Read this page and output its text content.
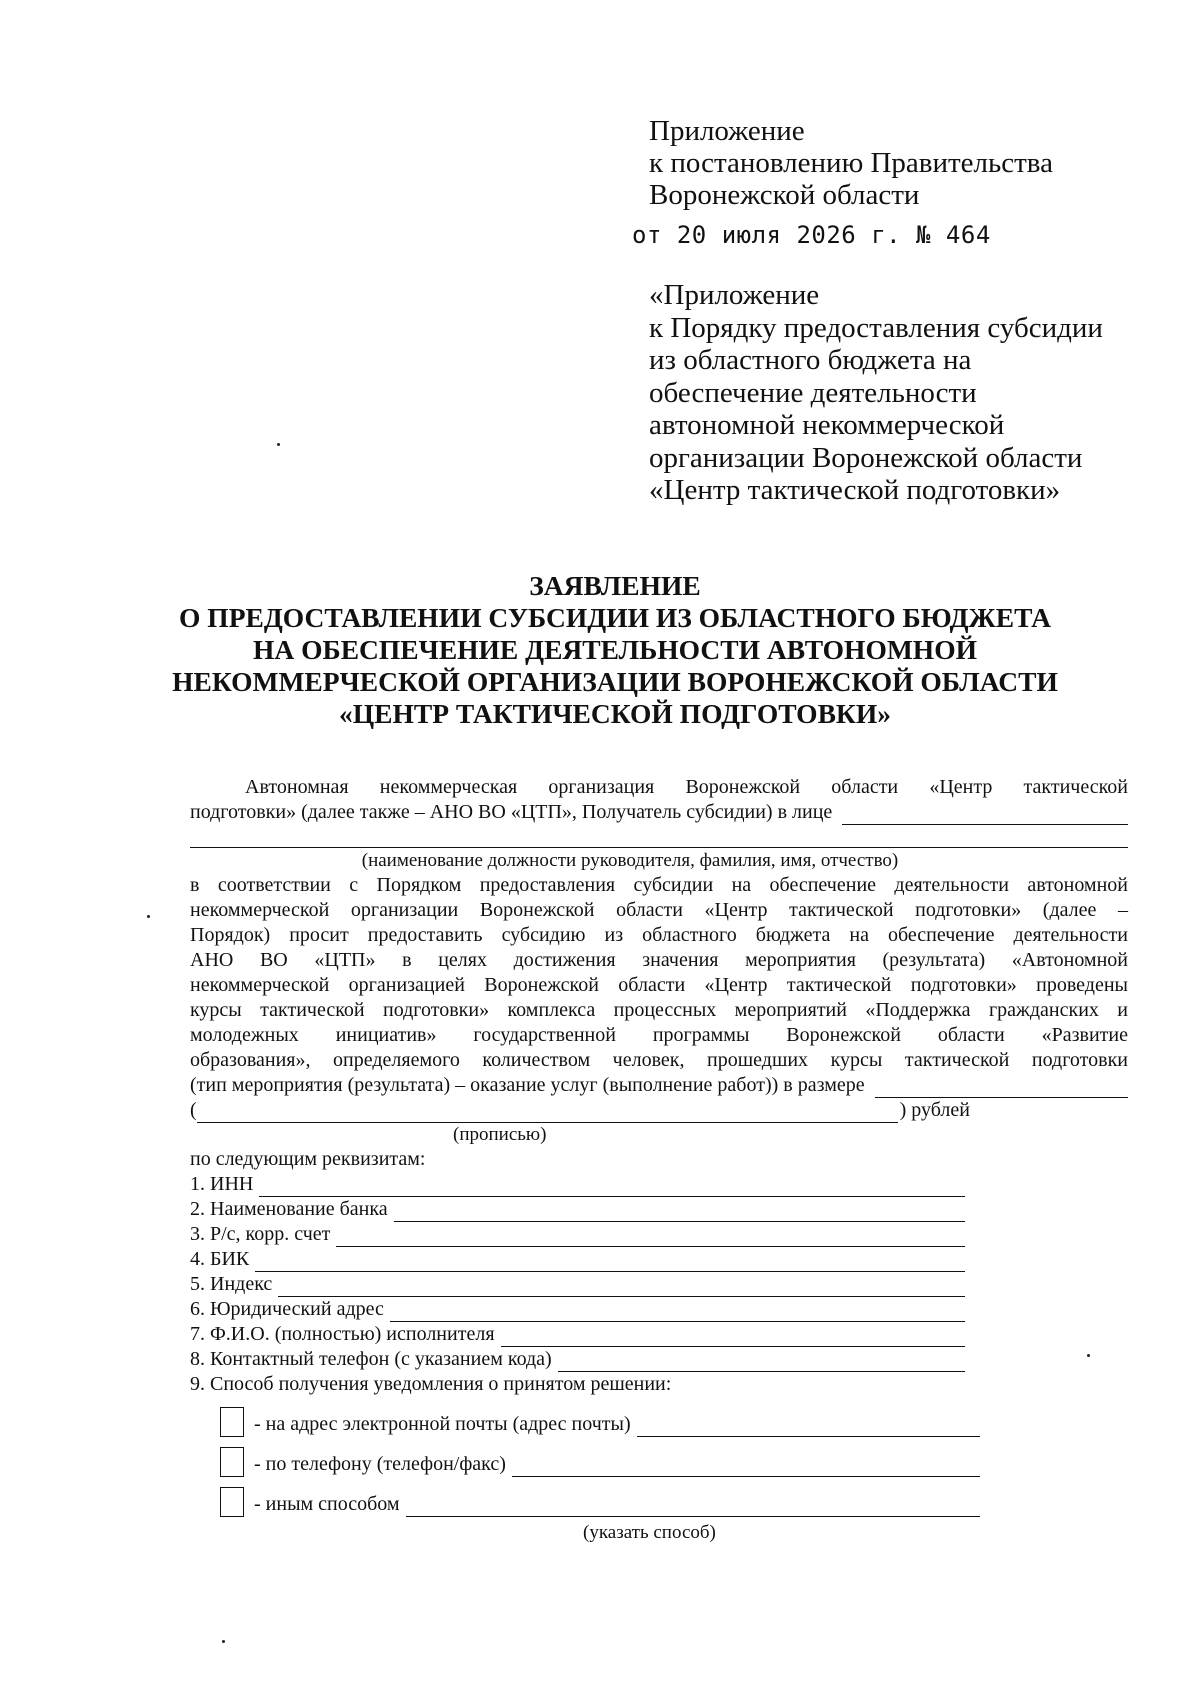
Приложение
к постановлению Правительства
Воронежской области
от 20 июля 2026 г. № 464
«Приложение
к Порядку предоставления субсидии
из областного бюджета на
обеспечение деятельности
автономной некоммерческой
организации Воронежской области
«Центр тактической подготовки»
ЗАЯВЛЕНИЕ
О ПРЕДОСТАВЛЕНИИ СУБСИДИИ ИЗ ОБЛАСТНОГО БЮДЖЕТА
НА ОБЕСПЕЧЕНИЕ ДЕЯТЕЛЬНОСТИ АВТОНОМНОЙ
НЕКОММЕРЧЕСКОЙ ОРГАНИЗАЦИИ ВОРОНЕЖСКОЙ ОБЛАСТИ
«ЦЕНТР ТАКТИЧЕСКОЙ ПОДГОТОВКИ»

Автономная некоммерческая организация Воронежской области «Центр тактической

подготовки» (далее также – АНО ВО «ЦТП», Получатель субсидии) в лице
(наименование должности руководителя, фамилия, имя, отчество)
в соответствии с Порядком предоставления субсидии на обеспечение деятельности автономной
некоммерческой организации Воронежской области «Центр тактической подготовки» (далее –
Порядок) просит предоставить субсидию из областного бюджета на обеспечение деятельности
АНО ВО «ЦТП» в целях достижения значения мероприятия (результата) «Автономной
некоммерческой организацией Воронежской области «Центр тактической подготовки» проведены
курсы тактической подготовки» комплекса процессных мероприятий «Поддержка гражданских и
молодежных инициатив» государственной программы Воронежской области «Развитие
образования», определяемого количеством человек, прошедших курсы тактической подготовки
(тип мероприятия (результата) – оказание услуг (выполнение работ)) в размере
(	) рублей
(прописью)

по следующим реквизитам:

1. ИНН
2. Наименование банка
3. Р/с, корр. счет
4. БИК
5. Индекс
6. Юридический адрес
7. Ф.И.О. (полностью) исполнителя
8. Контактный телефон (с указанием кода)

9. Способ получения уведомления о принятом решении:

- на адрес электронной почты (адрес почты)
- по телефону (телефон/факс)
- иным способом
(указать способ)
